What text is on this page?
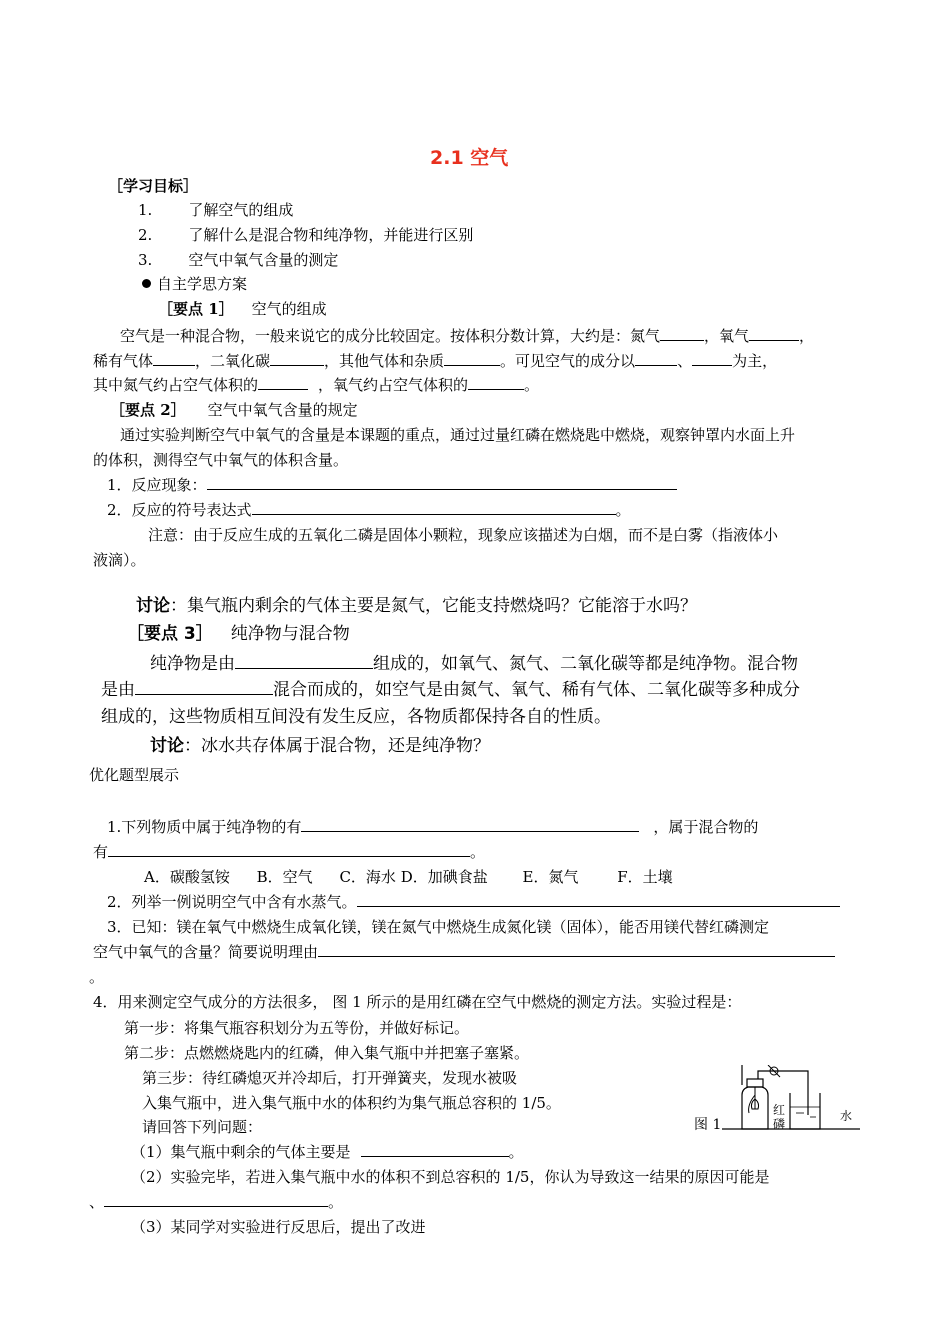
2.1 空气
［学习目标］
1. 了解空气的组成
2. 了解什么是混合物和纯净物，并能进行区别
3. 空气中氧气含量的测定
自主学思方案
［要点 1］ 空气的组成
空气是一种混合物，一般来说它的成分比较固定。按体积分数计算，大约是：氮气	，氧气	，
稀有气体	，二氧化碳	，其他气体和杂质	。可见空气的成分以	、	为主，
其中氮气约占空气体积的	，氧气约占空气体积的	。
［要点 2］ 空气中氧气含量的规定
通过实验判断空气中氧气的含量是本课题的重点，通过过量红磷在燃烧匙中燃烧，观察钟罩内水面上升
的体积，测得空气中氧气的体积含量。
1．反应现象：
2．反应的符号表达式	。
注意：由于反应生成的五氧化二磷是固体小颗粒，现象应该描述为白烟，而不是白雾（指液体小
液滴）。
讨论：集气瓶内剩余的气体主要是氮气，它能支持燃烧吗？它能溶于水吗？
［要点 3］ 纯净物与混合物
纯净物是由	组成的，如氧气、氮气、二氧化碳等都是纯净物。混合物
是由	混合而成的，如空气是由氮气、氧气、稀有气体、二氧化碳等多种成分
组成的，这些物质相互间没有发生反应，各物质都保持各自的性质。
讨论：冰水共存体属于混合物，还是纯净物？
优化题型展示
1.下列物质中属于纯净物的有	，属于混合物的
有	。
A．碳酸氢铵 B．空气 C．海水 D．加碘食盐 E．氮气	F．土壤
2．列举一例说明空气中含有水蒸气。
3．已知：镁在氧气中燃烧生成氧化镁，镁在氮气中燃烧生成氮化镁（固体），能否用镁代替红磷测定
空气中氧气的含量？简要说明理由
。
4．用来测定空气成分的方法很多， 图 1 所示的是用红磷在空气中燃烧的测定方法。实验过程是：
第一步：将集气瓶容积划分为五等份，并做好标记。
第二步：点燃燃烧匙内的红磷，伸入集气瓶中并把塞子塞紧。
第三步：待红磷熄灭并冷却后，打开弹簧夹，发现水被吸
入集气瓶中，进入集气瓶中水的体积约为集气瓶总容积的 1/5。
请回答下列问题：
（1）集气瓶中剩余的气体主要是	。
（2）实验完毕，若进入集气瓶中水的体积不到总容积的 1/5，你认为导致这一结果的原因可能是
、	。
（3）某同学对实验进行反思后，提出了改进
图 1
红磷
水
